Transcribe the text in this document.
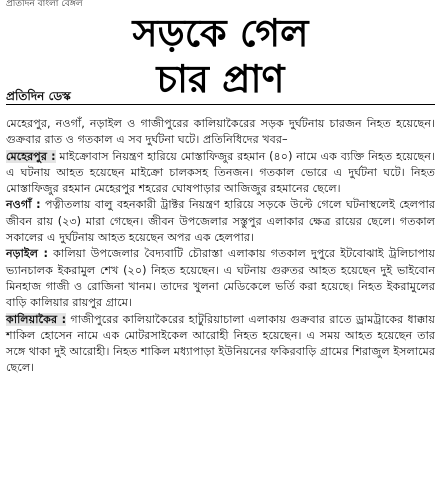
প্রতিদিন বাংলা বেঙ্গল
সড়কে গেল
চার প্রাণ
প্রতিদিন ডেস্ক

মেহেরপুর, নওগাঁ, নড়াইল ও গাজীপুরের কালিয়াকৈরের সড়ক দুর্ঘটনায় চারজন নিহত হয়েছেন। গুক্রবার রাত ও গতকাল এ সব দুর্ঘটনা ঘটে। প্রতিনিধিদের খবর–

মেহেরপুর : মাইক্রোবাস নিয়ন্ত্রণ হারিয়ে মোস্তাফিজুর রহমান (৪০) নামে এক ব্যক্তি নিহত হয়েছেন। এ ঘটনায় আহত হয়েছেন মাইক্রো চালকসহ তিনজন। গতকাল ভোরে এ দুর্ঘটনা ঘটে। নিহত মোস্তাফিজুর রহমান মেহেরপুর শহরের ঘোষপাড়ার আজিজুর রহমানের ছেলে।

নওগাঁ : পত্নীতলায় বালু বহনকারী ট্রাক্টর নিয়ন্ত্রণ হারিয়ে সড়কে উল্টে গেলে ঘটনাস্থলেই হেলপার জীবন রায় (২৩) মারা গেছেন। জীবন উপজেলার সস্তুপুর এলাকার ক্ষেত্র রায়ের ছেলে। গতকাল সকালের এ দুর্ঘটনায় আহত হয়েছেন অপর এক হেলপার।

নড়াইল : কালিয়া উপজেলার বৈদ্যবাটি চৌরাস্তা এলাকায় গতকাল দুপুরে ইটবোঝাই ট্রলিচাপায় ভ্যানচালক ইকরামুল শেখ (২০) নিহত হয়েছেন। এ ঘটনায় গুরুতর আহত হয়েছেন দুই ভাইবোন মিনহাজ গাজী ও রোজিনা খানম। তাদের খুলনা মেডিকেলে ভর্তি করা হয়েছে। নিহত ইকরামুলের বাড়ি কালিয়ার রায়পুর গ্রামে।

কালিয়াকৈর : গাজীপুরের কালিয়াকৈরের হাটুরিয়াচালা এলাকায় গুক্রবার রাতে ড্রামট্রাকের ধাক্কায় শাকিল হোসেন নামে এক মোটরসাইকেল আরোহী নিহত হয়েছেন। এ সময় আহত হয়েছেন তার সঙ্গে থাকা দুই আরোহী। নিহত শাকিল মধ্যাপাড়া ইউনিয়নের ফকিরবাড়ি গ্রামের শিরাজুল ইসলামের ছেলে।
